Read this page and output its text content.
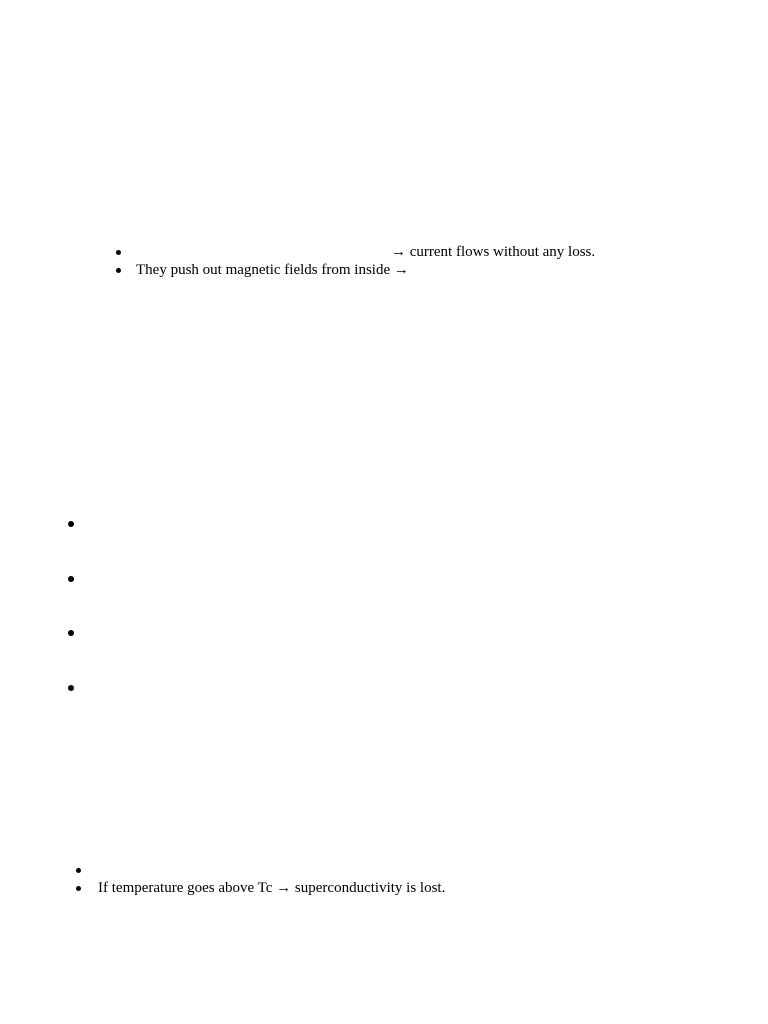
→ current flows without any loss.
They push out magnetic fields from inside →
If temperature goes above Tc → superconductivity is lost.
